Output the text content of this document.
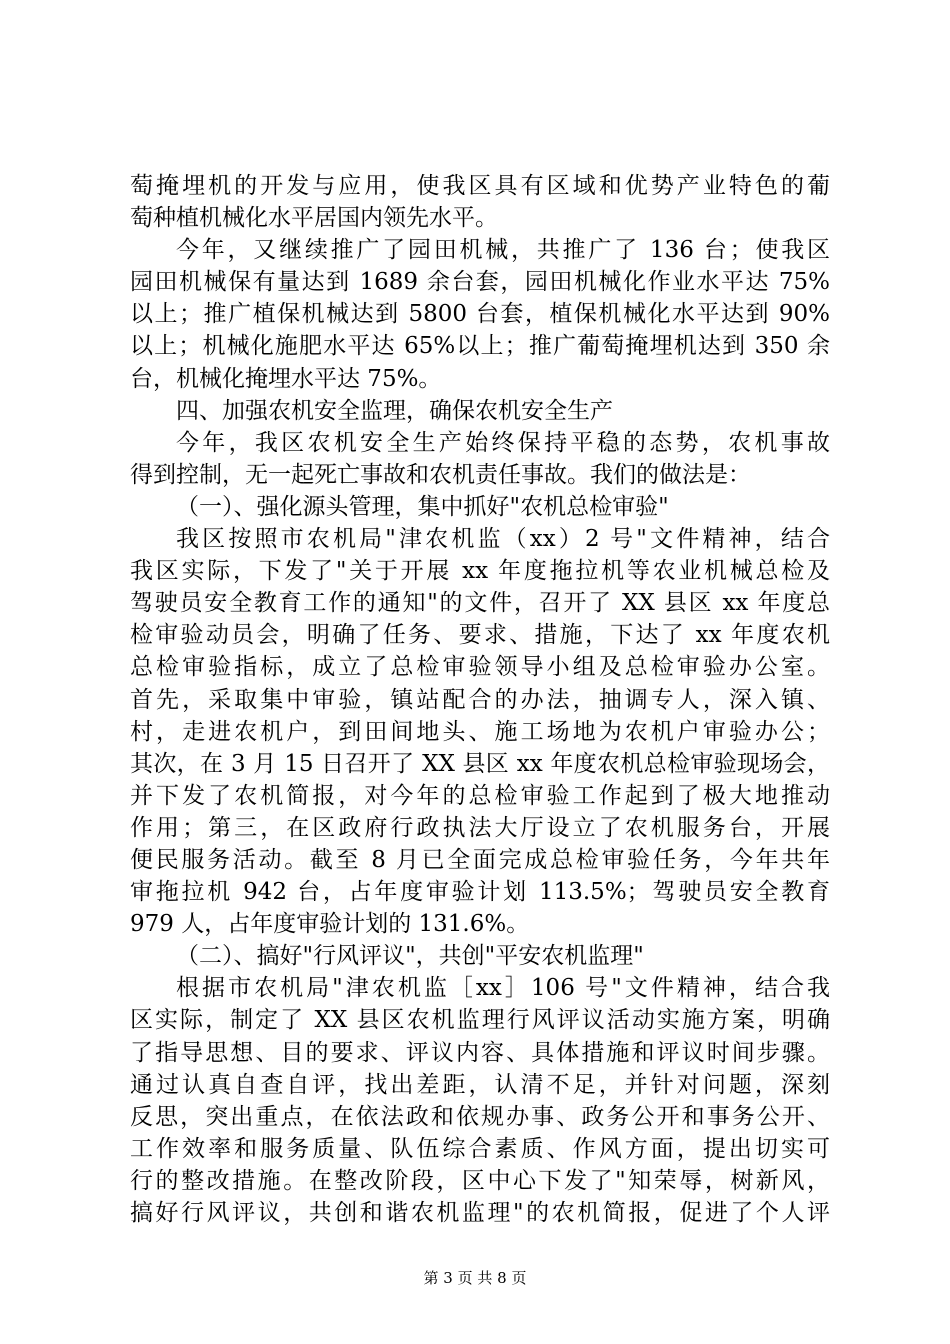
萄掩埋机的开发与应用，使我区具有区域和优势产业特色的葡
萄种植机械化水平居国内领先水平。
今年，又继续推广了园田机械，共推广了 136 台；使我区
园田机械保有量达到 1689 余台套，园田机械化作业水平达 75%
以上；推广植保机械达到 5800 台套，植保机械化水平达到 90%
以上；机械化施肥水平达 65%以上；推广葡萄掩埋机达到 350 余
台，机械化掩埋水平达 75%。
四、加强农机安全监理，确保农机安全生产
今年，我区农机安全生产始终保持平稳的态势，农机事故
得到控制，无一起死亡事故和农机责任事故。我们的做法是：
（一）、强化源头管理，集中抓好"农机总检审验"
我区按照市农机局"津农机监（xx）2 号"文件精神，结合
我区实际，下发了"关于开展 xx 年度拖拉机等农业机械总检及
驾驶员安全教育工作的通知"的文件，召开了 XX 县区 xx 年度总
检审验动员会，明确了任务、要求、措施，下达了 xx 年度农机
总检审验指标，成立了总检审验领导小组及总检审验办公室。
首先，采取集中审验，镇站配合的办法，抽调专人，深入镇、
村，走进农机户，到田间地头、施工场地为农机户审验办公；
其次，在 3 月 15 日召开了 XX 县区 xx 年度农机总检审验现场会，
并下发了农机简报，对今年的总检审验工作起到了极大地推动
作用；第三，在区政府行政执法大厅设立了农机服务台，开展
便民服务活动。截至 8 月已全面完成总检审验任务，今年共年
审拖拉机 942 台，占年度审验计划 113.5%；驾驶员安全教育
979 人，占年度审验计划的 131.6%。
（二）、搞好"行风评议"，共创"平安农机监理"
根据市农机局"津农机监［xx］106 号"文件精神，结合我
区实际，制定了 XX 县区农机监理行风评议活动实施方案，明确
了指导思想、目的要求、评议内容、具体措施和评议时间步骤。
通过认真自查自评，找出差距，认清不足，并针对问题，深刻
反思，突出重点，在依法政和依规办事、政务公开和事务公开、
工作效率和服务质量、队伍综合素质、作风方面，提出切实可
行的整改措施。在整改阶段，区中心下发了"知荣辱，树新风，
搞好行风评议，共创和谐农机监理"的农机简报，促进了个人评
第 3 页 共 8 页
